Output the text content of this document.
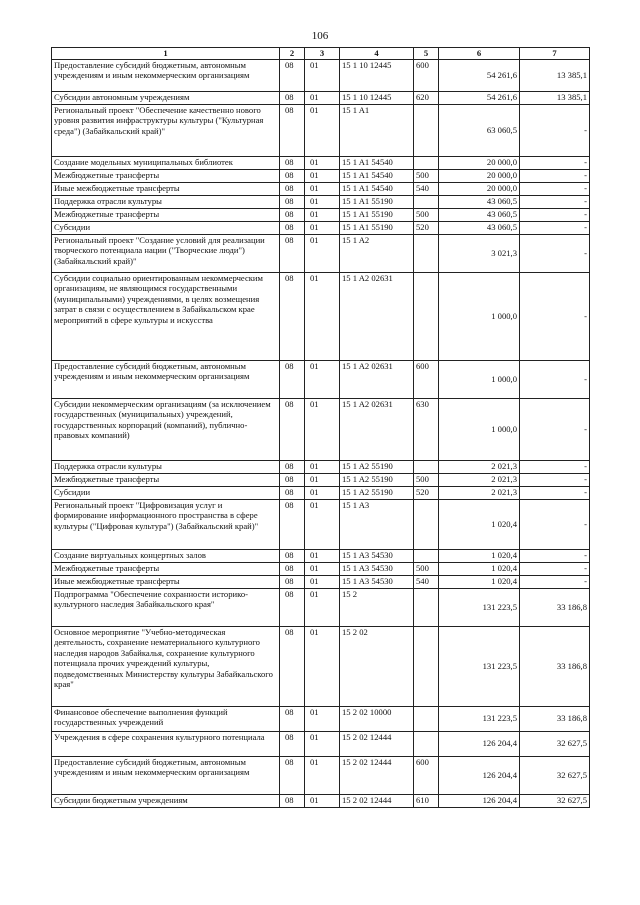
106
1	2	3	4	5	6	7
Предоставление субсидий бюджетным, автономным учреждениям и иным некоммерческим организациям	08	01	15 1 10 12445	600	54 261,6	13 385,1
Субсидии автономным учреждениям	08	01	15 1 10 12445	620	54 261,6	13 385,1
Региональный проект "Обеспечение качественно нового уровня развития инфраструктуры культуры ("Культурная среда") (Забайкальский край)"	08	01	15 1 A1		63 060,5	-
Создание модельных муниципальных библиотек	08	01	15 1 A1 54540		20 000,0	-
Межбюджетные трансферты	08	01	15 1 A1 54540	500	20 000,0	-
Иные межбюджетные трансферты	08	01	15 1 A1 54540	540	20 000,0	-
Поддержка отрасли культуры	08	01	15 1 A1 55190		43 060,5	-
Межбюджетные трансферты	08	01	15 1 A1 55190	500	43 060,5	-
Субсидии	08	01	15 1 A1 55190	520	43 060,5	-
Региональный проект "Создание условий для реализации творческого потенциала нации ("Творческие люди") (Забайкальский край)"	08	01	15 1 A2		3 021,3	-
Субсидии социально ориентированным некоммерческим организациям, не являющимся государственными (муниципальными) учреждениями, в целях возмещения затрат в связи с осуществлением в Забайкальском крае мероприятий в сфере культуры и искусства	08	01	15 1 A2 02631		1 000,0	-
Предоставление субсидий бюджетным, автономным учреждениям и иным некоммерческим организациям	08	01	15 1 A2 02631	600	1 000,0	-
Субсидии некоммерческим организациям (за исключением государственных (муниципальных) учреждений, государственных корпораций (компаний), публично-правовых компаний)	08	01	15 1 A2 02631	630	1 000,0	-
Поддержка отрасли культуры	08	01	15 1 A2 55190		2 021,3	-
Межбюджетные трансферты	08	01	15 1 A2 55190	500	2 021,3	-
Субсидии	08	01	15 1 A2 55190	520	2 021,3	-
Региональный проект "Цифровизация услуг и формирование информационного пространства в сфере культуры ("Цифровая культура") (Забайкальский край)"	08	01	15 1 A3		1 020,4	-
Создание виртуальных концертных залов	08	01	15 1 A3 54530		1 020,4	-
Межбюджетные трансферты	08	01	15 1 A3 54530	500	1 020,4	-
Иные межбюджетные трансферты	08	01	15 1 A3 54530	540	1 020,4	-
Подпрограмма "Обеспечение сохранности историко-культурного наследия Забайкальского края"	08	01	15 2		131 223,5	33 186,8
Основное мероприятие "Учебно-методическая деятельность, сохранение нематериального культурного наследия народов Забайкалья, сохранение культурного потенциала прочих учреждений культуры, подведомственных Министерству культуры Забайкальского края"	08	01	15 2 02		131 223,5	33 186,8
Финансовое обеспечение выполнения функций государственных учреждений	08	01	15 2 02 10000		131 223,5	33 186,8
Учреждения в сфере сохранения культурного потенциала	08	01	15 2 02 12444		126 204,4	32 627,5
Предоставление субсидий бюджетным, автономным учреждениям и иным некоммерческим организациям	08	01	15 2 02 12444	600	126 204,4	32 627,5
Субсидии бюджетным учреждениям	08	01	15 2 02 12444	610	126 204,4	32 627,5
